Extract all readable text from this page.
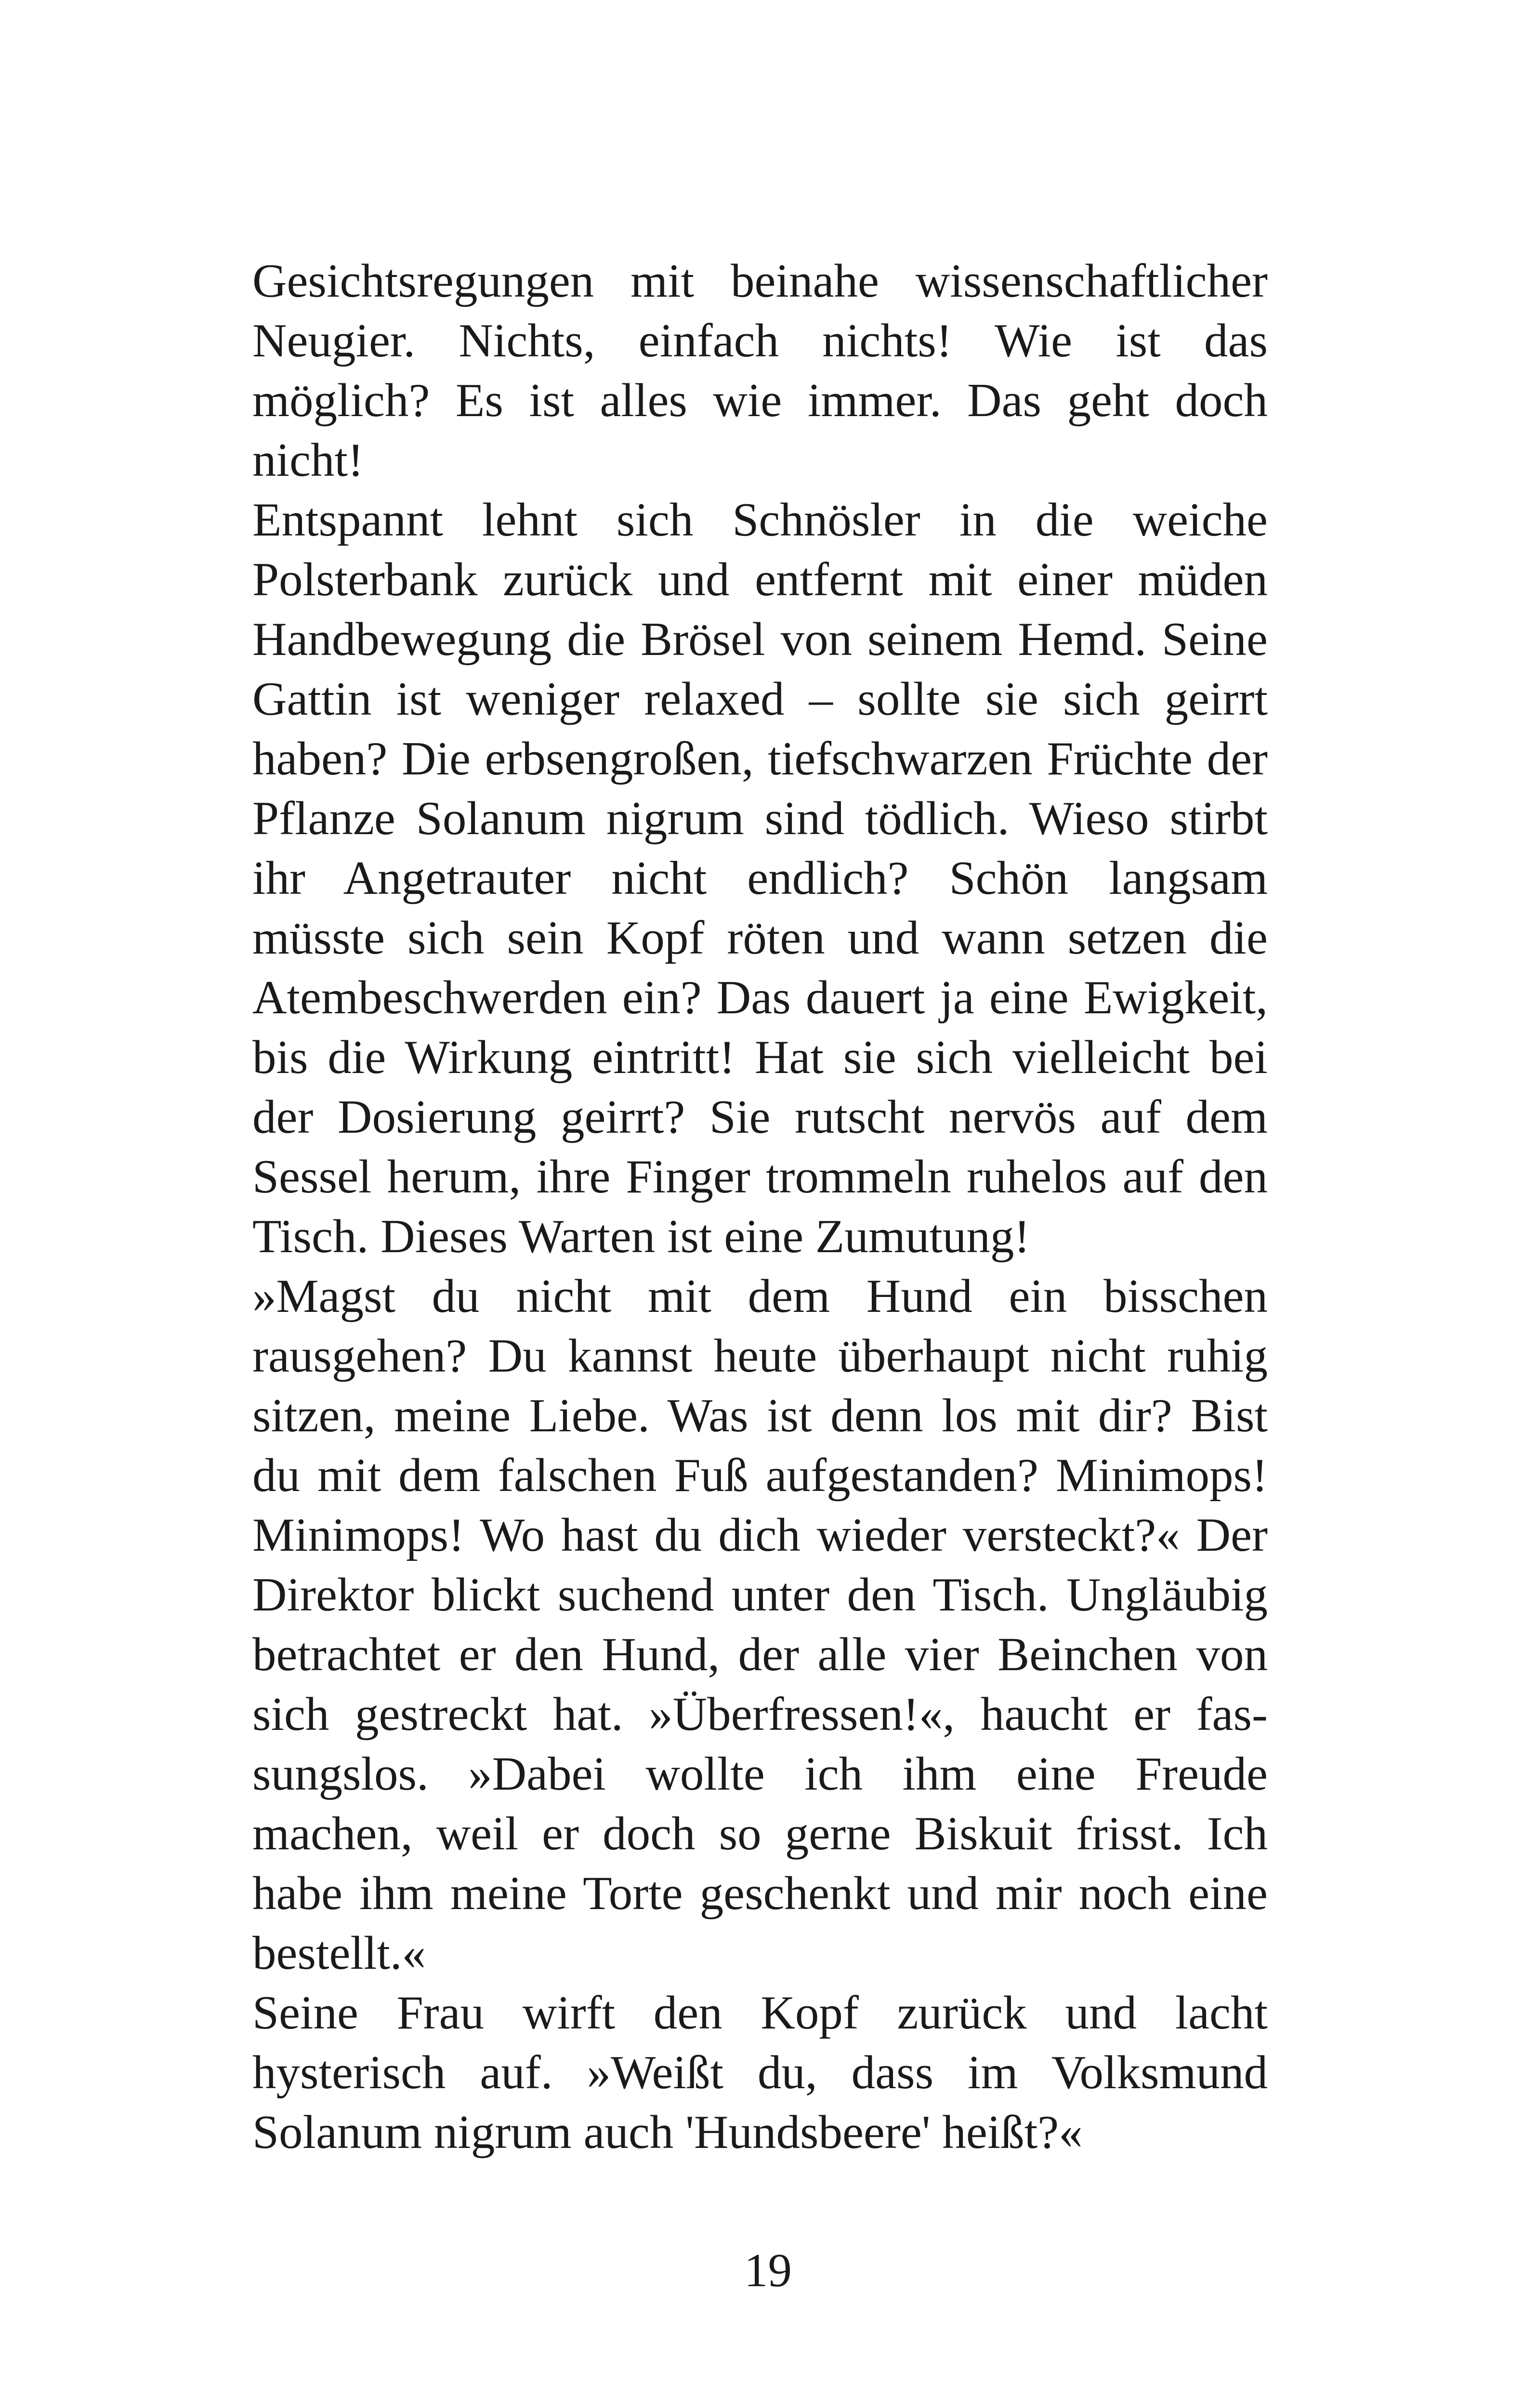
Gesichtsregungen mit beinahe wissenschaftlicher
Neugier. Nichts, einfach nichts! Wie ist das
möglich? Es ist alles wie immer. Das geht doch
nicht!
Entspannt lehnt sich Schnösler in die weiche
Polsterbank zurück und entfernt mit einer müden
Handbewegung die Brösel von seinem Hemd. Seine
Gattin ist weniger relaxed – sollte sie sich geirrt
haben? Die erbsengroßen, tiefschwarzen Früchte der
Pflanze Solanum nigrum sind tödlich. Wieso stirbt
ihr Angetrauter nicht endlich? Schön langsam
müsste sich sein Kopf röten und wann setzen die
Atembeschwerden ein? Das dauert ja eine Ewigkeit,
bis die Wirkung eintritt! Hat sie sich vielleicht bei
der Dosierung geirrt? Sie rutscht nervös auf dem
Sessel herum, ihre Finger trommeln ruhelos auf den
Tisch. Dieses Warten ist eine Zumutung!
»Magst du nicht mit dem Hund ein bisschen
rausgehen? Du kannst heute überhaupt nicht ruhig
sitzen, meine Liebe. Was ist denn los mit dir? Bist
du mit dem falschen Fuß aufgestanden? Minimops!
Minimops! Wo hast du dich wieder versteckt?« Der
Direktor blickt suchend unter den Tisch. Ungläubig
betrachtet er den Hund, der alle vier Beinchen von
sich gestreckt hat. »Überfressen!«, haucht er fas-
sungslos. »Dabei wollte ich ihm eine Freude
machen, weil er doch so gerne Biskuit frisst. Ich
habe ihm meine Torte geschenkt und mir noch eine
bestellt.«
Seine Frau wirft den Kopf zurück und lacht
hysterisch auf. »Weißt du, dass im Volksmund
Solanum nigrum auch 'Hundsbeere' heißt?«
19
